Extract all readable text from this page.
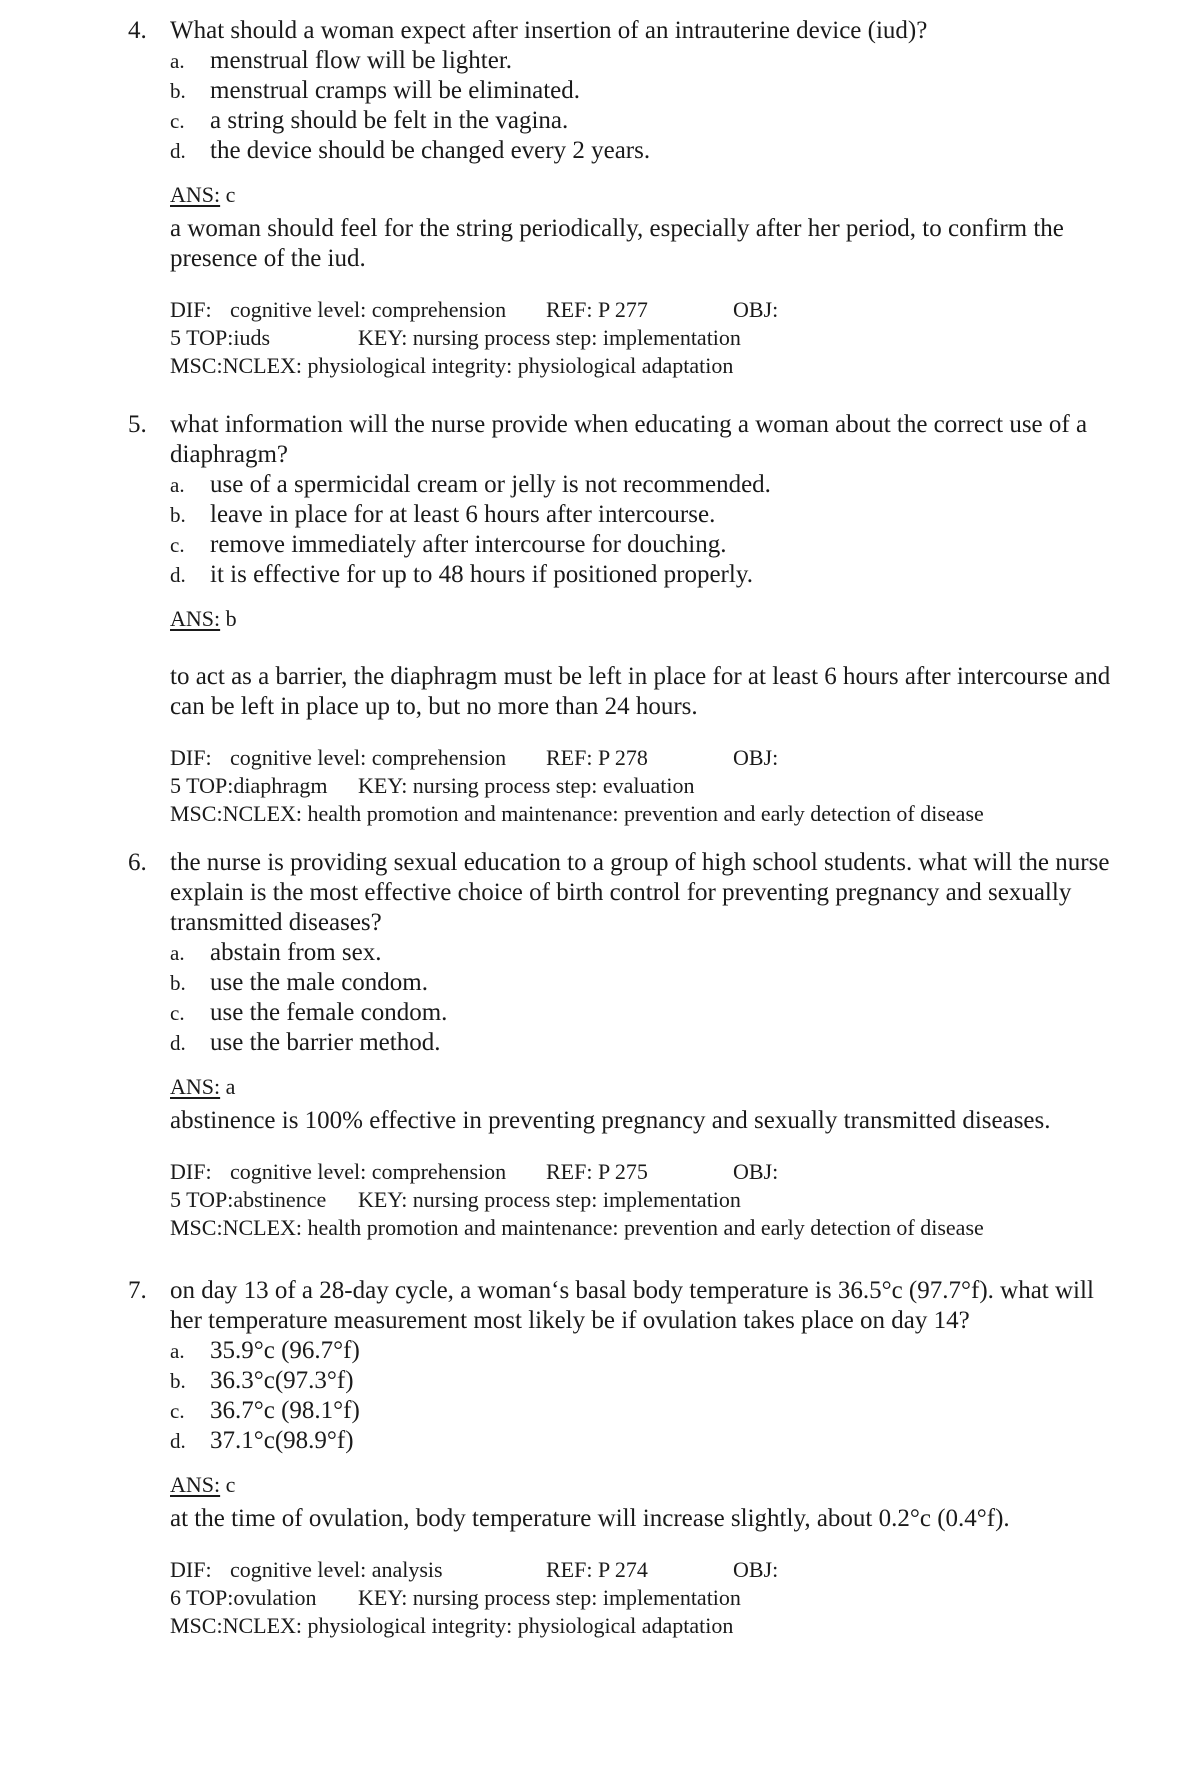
4. What should a woman expect after insertion of an intrauterine device (iud)?
a.	menstrual flow will be lighter.
b. menstrual cramps will be eliminated.
c.	a string should be felt in the vagina.
d. the device should be changed every 2 years.
ANS: c
a woman should feel for the string periodically, especially after her period, to confirm the presence of the iud.
DIF: cognitive level: comprehension REF: P 277	OBJ:
5 TOP:iuds	KEY: nursing process step: implementation
MSC:NCLEX: physiological integrity: physiological adaptation
5. what information will the nurse provide when educating a woman about the correct use of a diaphragm?
a.	use of a spermicidal cream or jelly is not recommended.
b. leave in place for at least 6 hours after intercourse.
c.	remove immediately after intercourse for douching.
d. it is effective for up to 48 hours if positioned properly.
ANS: b
to act as a barrier, the diaphragm must be left in place for at least 6 hours after intercourse and can be left in place up to, but no more than 24 hours.
DIF: cognitive level: comprehension REF: P 278	OBJ:
5 TOP:diaphragm KEY: nursing process step: evaluation
MSC:NCLEX: health promotion and maintenance: prevention and early detection of disease
6. the nurse is providing sexual education to a group of high school students. what will the nurse explain is the most effective choice of birth control for preventing pregnancy and sexually transmitted diseases?
a.	abstain from sex.
b. use the male condom.
c.	use the female condom.
d. use the barrier method.
ANS: a
abstinence is 100% effective in preventing pregnancy and sexually transmitted diseases.
DIF: cognitive level: comprehension REF: P 275	OBJ:
5 TOP:abstinence KEY: nursing process step: implementation
MSC:NCLEX: health promotion and maintenance: prevention and early detection of disease
7. on day 13 of a 28-day cycle, a woman‘s basal body temperature is 36.5°c (97.7°f). what will her temperature measurement most likely be if ovulation takes place on day 14?
a.	35.9°c (96.7°f)
b. 36.3°c(97.3°f)
c.	36.7°c (98.1°f)
d. 37.1°c(98.9°f)
ANS: c
at the time of ovulation, body temperature will increase slightly, about 0.2°c (0.4°f).
DIF: cognitive level: analysis	REF: P 274	OBJ:
6 TOP:ovulation KEY: nursing process step: implementation
MSC:NCLEX: physiological integrity: physiological adaptation
